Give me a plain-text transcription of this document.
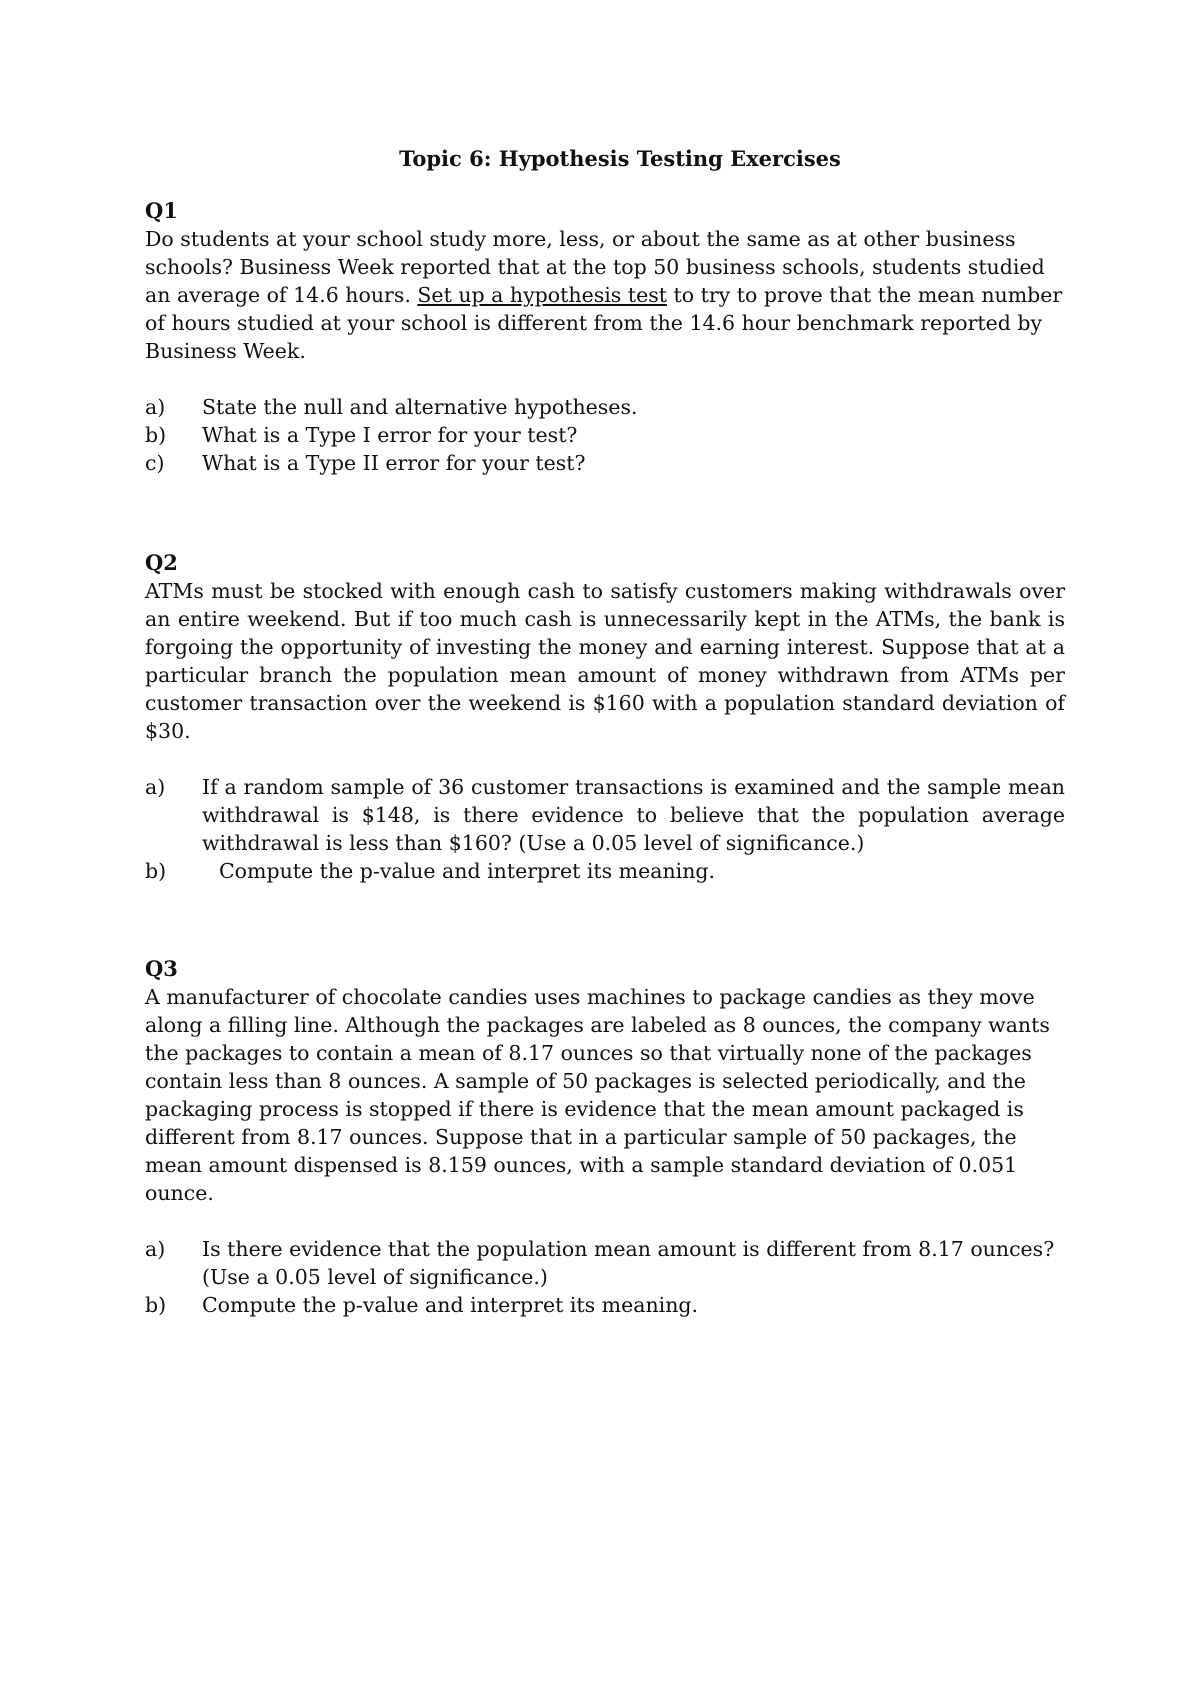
Topic 6: Hypothesis Testing Exercises

Q1

Do students at your school study more, less, or about the same as at other business schools? Business Week reported that at the top 50 business schools, students studied an average of 14.6 hours. Set up a hypothesis test to try to prove that the mean number of hours studied at your school is different from the 14.6 hour benchmark reported by Business Week.

a)	State the null and alternative hypotheses.
b)	What is a Type I error for your test?
c)	What is a Type II error for your test?

Q2

ATMs must be stocked with enough cash to satisfy customers making withdrawals over an entire weekend. But if too much cash is unnecessarily kept in the ATMs, the bank is forgoing the opportunity of investing the money and earning interest. Suppose that at a particular branch the population mean amount of money withdrawn from ATMs per customer transaction over the weekend is $160 with a population standard deviation of $30.

a)	If a random sample of 36 customer transactions is examined and the sample mean withdrawal is $148, is there evidence to believe that the population average withdrawal is less than $160? (Use a 0.05 level of significance.)
b)	Compute the p-value and interpret its meaning.

Q3

A manufacturer of chocolate candies uses machines to package candies as they move along a filling line. Although the packages are labeled as 8 ounces, the company wants the packages to contain a mean of 8.17 ounces so that virtually none of the packages contain less than 8 ounces. A sample of 50 packages is selected periodically, and the packaging process is stopped if there is evidence that the mean amount packaged is different from 8.17 ounces. Suppose that in a particular sample of 50 packages, the mean amount dispensed is 8.159 ounces, with a sample standard deviation of 0.051 ounce.

a)	Is there evidence that the population mean amount is different from 8.17 ounces? (Use a 0.05 level of significance.)
b)	Compute the p-value and interpret its meaning.
